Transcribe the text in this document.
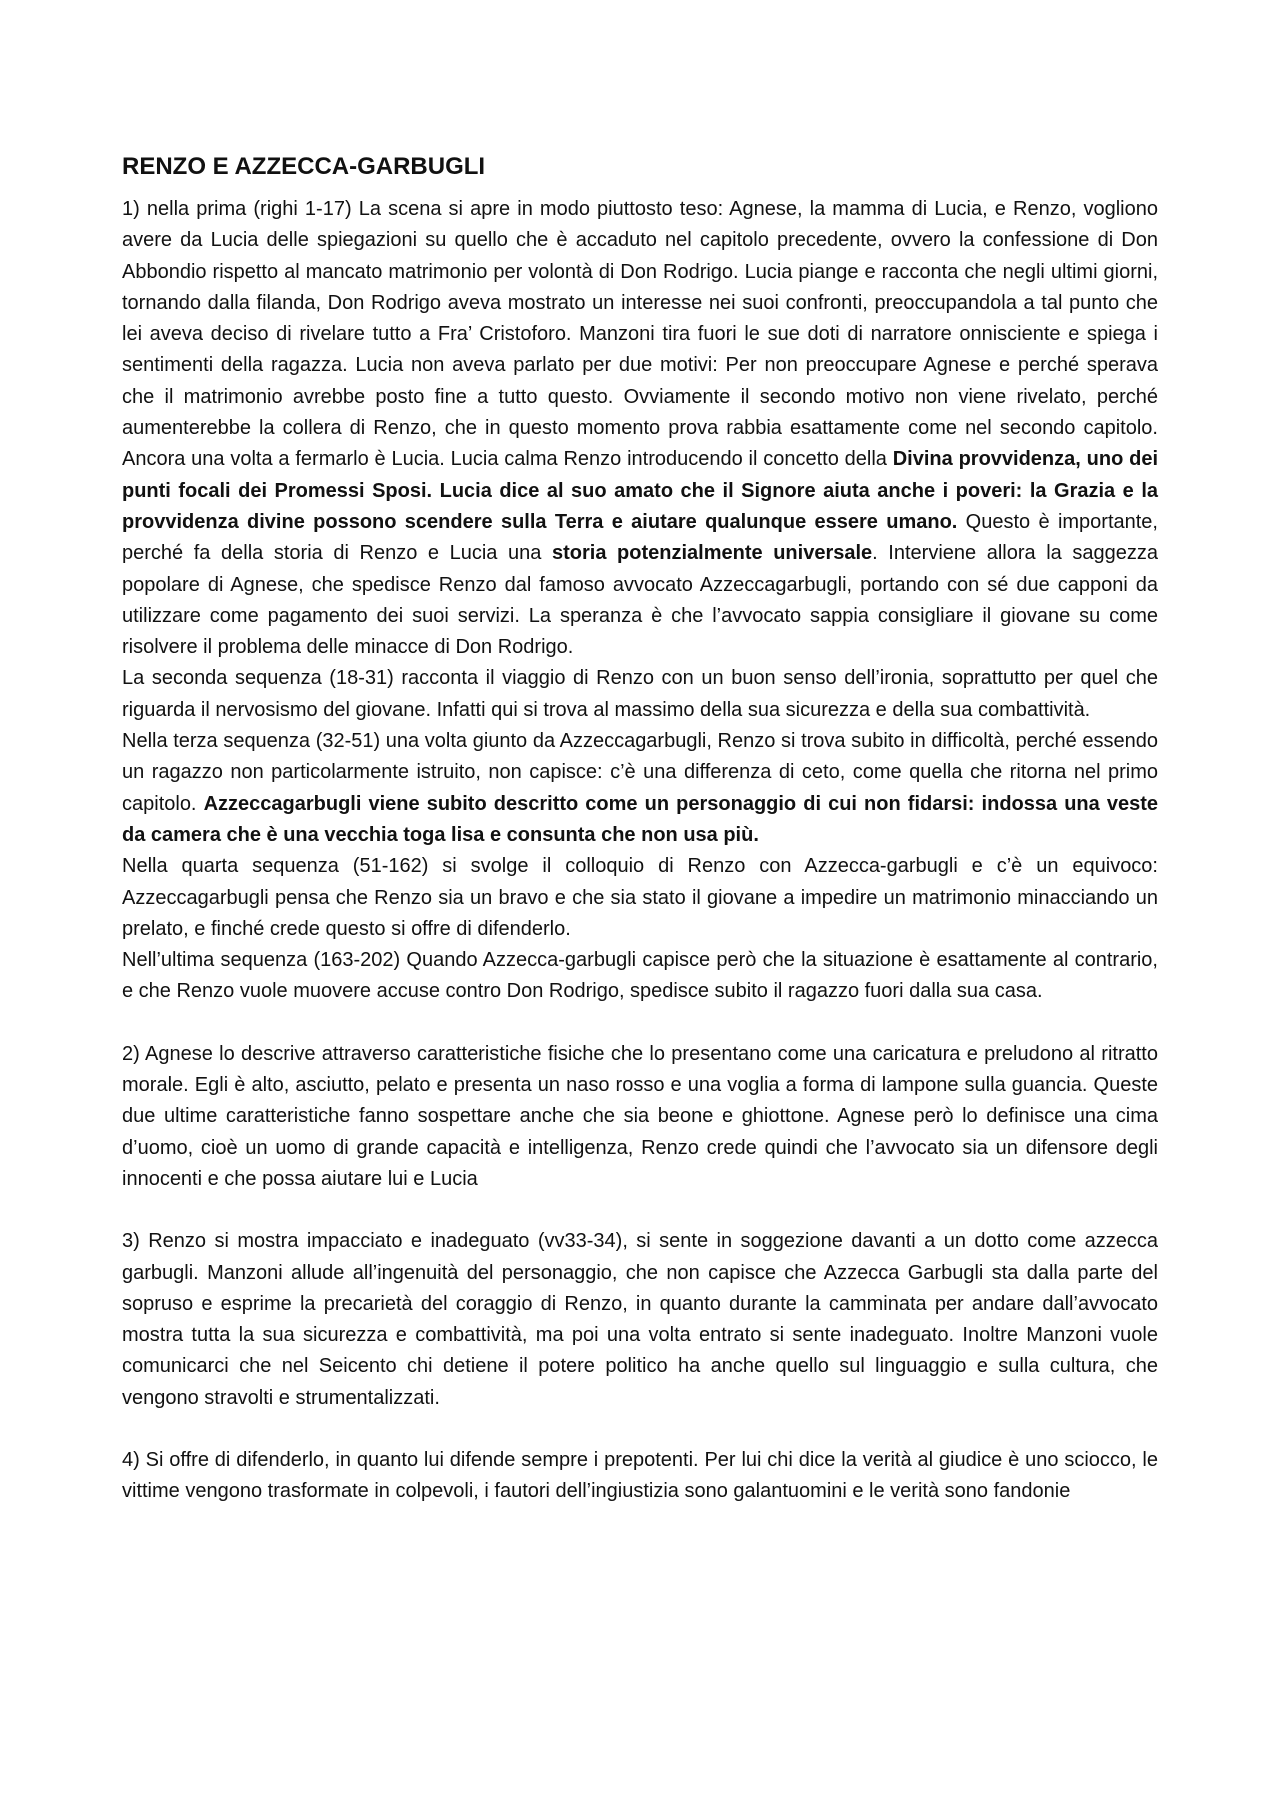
RENZO E AZZECCA-GARBUGLI

1) nella prima (righi 1-17) La scena si apre in modo piuttosto teso: Agnese, la mamma di Lucia, e Renzo, vogliono avere da Lucia delle spiegazioni su quello che è accaduto nel capitolo precedente, ovvero la confessione di Don Abbondio rispetto al mancato matrimonio per volontà di Don Rodrigo. Lucia piange e racconta che negli ultimi giorni, tornando dalla filanda, Don Rodrigo aveva mostrato un interesse nei suoi confronti, preoccupandola a tal punto che lei aveva deciso di rivelare tutto a Fra’ Cristoforo. Manzoni tira fuori le sue doti di narratore onnisciente e spiega i sentimenti della ragazza. Lucia non aveva parlato per due motivi: Per non preoccupare Agnese e perché sperava che il matrimonio avrebbe posto fine a tutto questo. Ovviamente il secondo motivo non viene rivelato, perché aumenterebbe la collera di Renzo, che in questo momento prova rabbia esattamente come nel secondo capitolo. Ancora una volta a fermarlo è Lucia. Lucia calma Renzo introducendo il concetto della Divina provvidenza, uno dei punti focali dei Promessi Sposi. Lucia dice al suo amato che il Signore aiuta anche i poveri: la Grazia e la provvidenza divine possono scendere sulla Terra e aiutare qualunque essere umano. Questo è importante, perché fa della storia di Renzo e Lucia una storia potenzialmente universale. Interviene allora la saggezza popolare di Agnese, che spedisce Renzo dal famoso avvocato Azzeccagarbugli, portando con sé due capponi da utilizzare come pagamento dei suoi servizi. La speranza è che l’avvocato sappia consigliare il giovane su come risolvere il problema delle minacce di Don Rodrigo.

La seconda sequenza (18-31) racconta il viaggio di Renzo con un buon senso dell’ironia, soprattutto per quel che riguarda il nervosismo del giovane. Infatti qui si trova al massimo della sua sicurezza e della sua combattività.

Nella terza sequenza (32-51) una volta giunto da Azzeccagarbugli, Renzo si trova subito in difficoltà, perché essendo un ragazzo non particolarmente istruito, non capisce: c’è una differenza di ceto, come quella che ritorna nel primo capitolo. Azzeccagarbugli viene subito descritto come un personaggio di cui non fidarsi: indossa una veste da camera che è una vecchia toga lisa e consunta che non usa più.

Nella quarta sequenza (51-162) si svolge il colloquio di Renzo con Azzecca-garbugli e c’è un equivoco: Azzeccagarbugli pensa che Renzo sia un bravo e che sia stato il giovane a impedire un matrimonio minacciando un prelato, e finché crede questo si offre di difenderlo.

Nell’ultima sequenza (163-202) Quando Azzecca-garbugli capisce però che la situazione è esattamente al contrario, e che Renzo vuole muovere accuse contro Don Rodrigo, spedisce subito il ragazzo fuori dalla sua casa.

2) Agnese lo descrive attraverso caratteristiche fisiche che lo presentano come una caricatura e preludono al ritratto morale. Egli è alto, asciutto, pelato e presenta un naso rosso e una voglia a forma di lampone sulla guancia. Queste due ultime caratteristiche fanno sospettare anche che sia beone e ghiottone. Agnese però lo definisce una cima d’uomo, cioè un uomo di grande capacità e intelligenza, Renzo crede quindi che l’avvocato sia un difensore degli innocenti e che possa aiutare lui e Lucia

3) Renzo si mostra impacciato e inadeguato (vv33-34), si sente in soggezione davanti a un dotto come azzecca garbugli. Manzoni allude all’ingenuità del personaggio, che non capisce che Azzecca Garbugli sta dalla parte del sopruso e esprime la precarietà del coraggio di Renzo, in quanto durante la camminata per andare dall’avvocato mostra tutta la sua sicurezza e combattività, ma poi una volta entrato si sente inadeguato. Inoltre Manzoni vuole comunicarci che nel Seicento chi detiene il potere politico ha anche quello sul linguaggio e sulla cultura, che vengono stravolti e strumentalizzati.

4) Si offre di difenderlo, in quanto lui difende sempre i prepotenti. Per lui chi dice la verità al giudice è uno sciocco, le vittime vengono trasformate in colpevoli, i fautori dell’ingiustizia sono galantuomini e le verità sono fandonie
